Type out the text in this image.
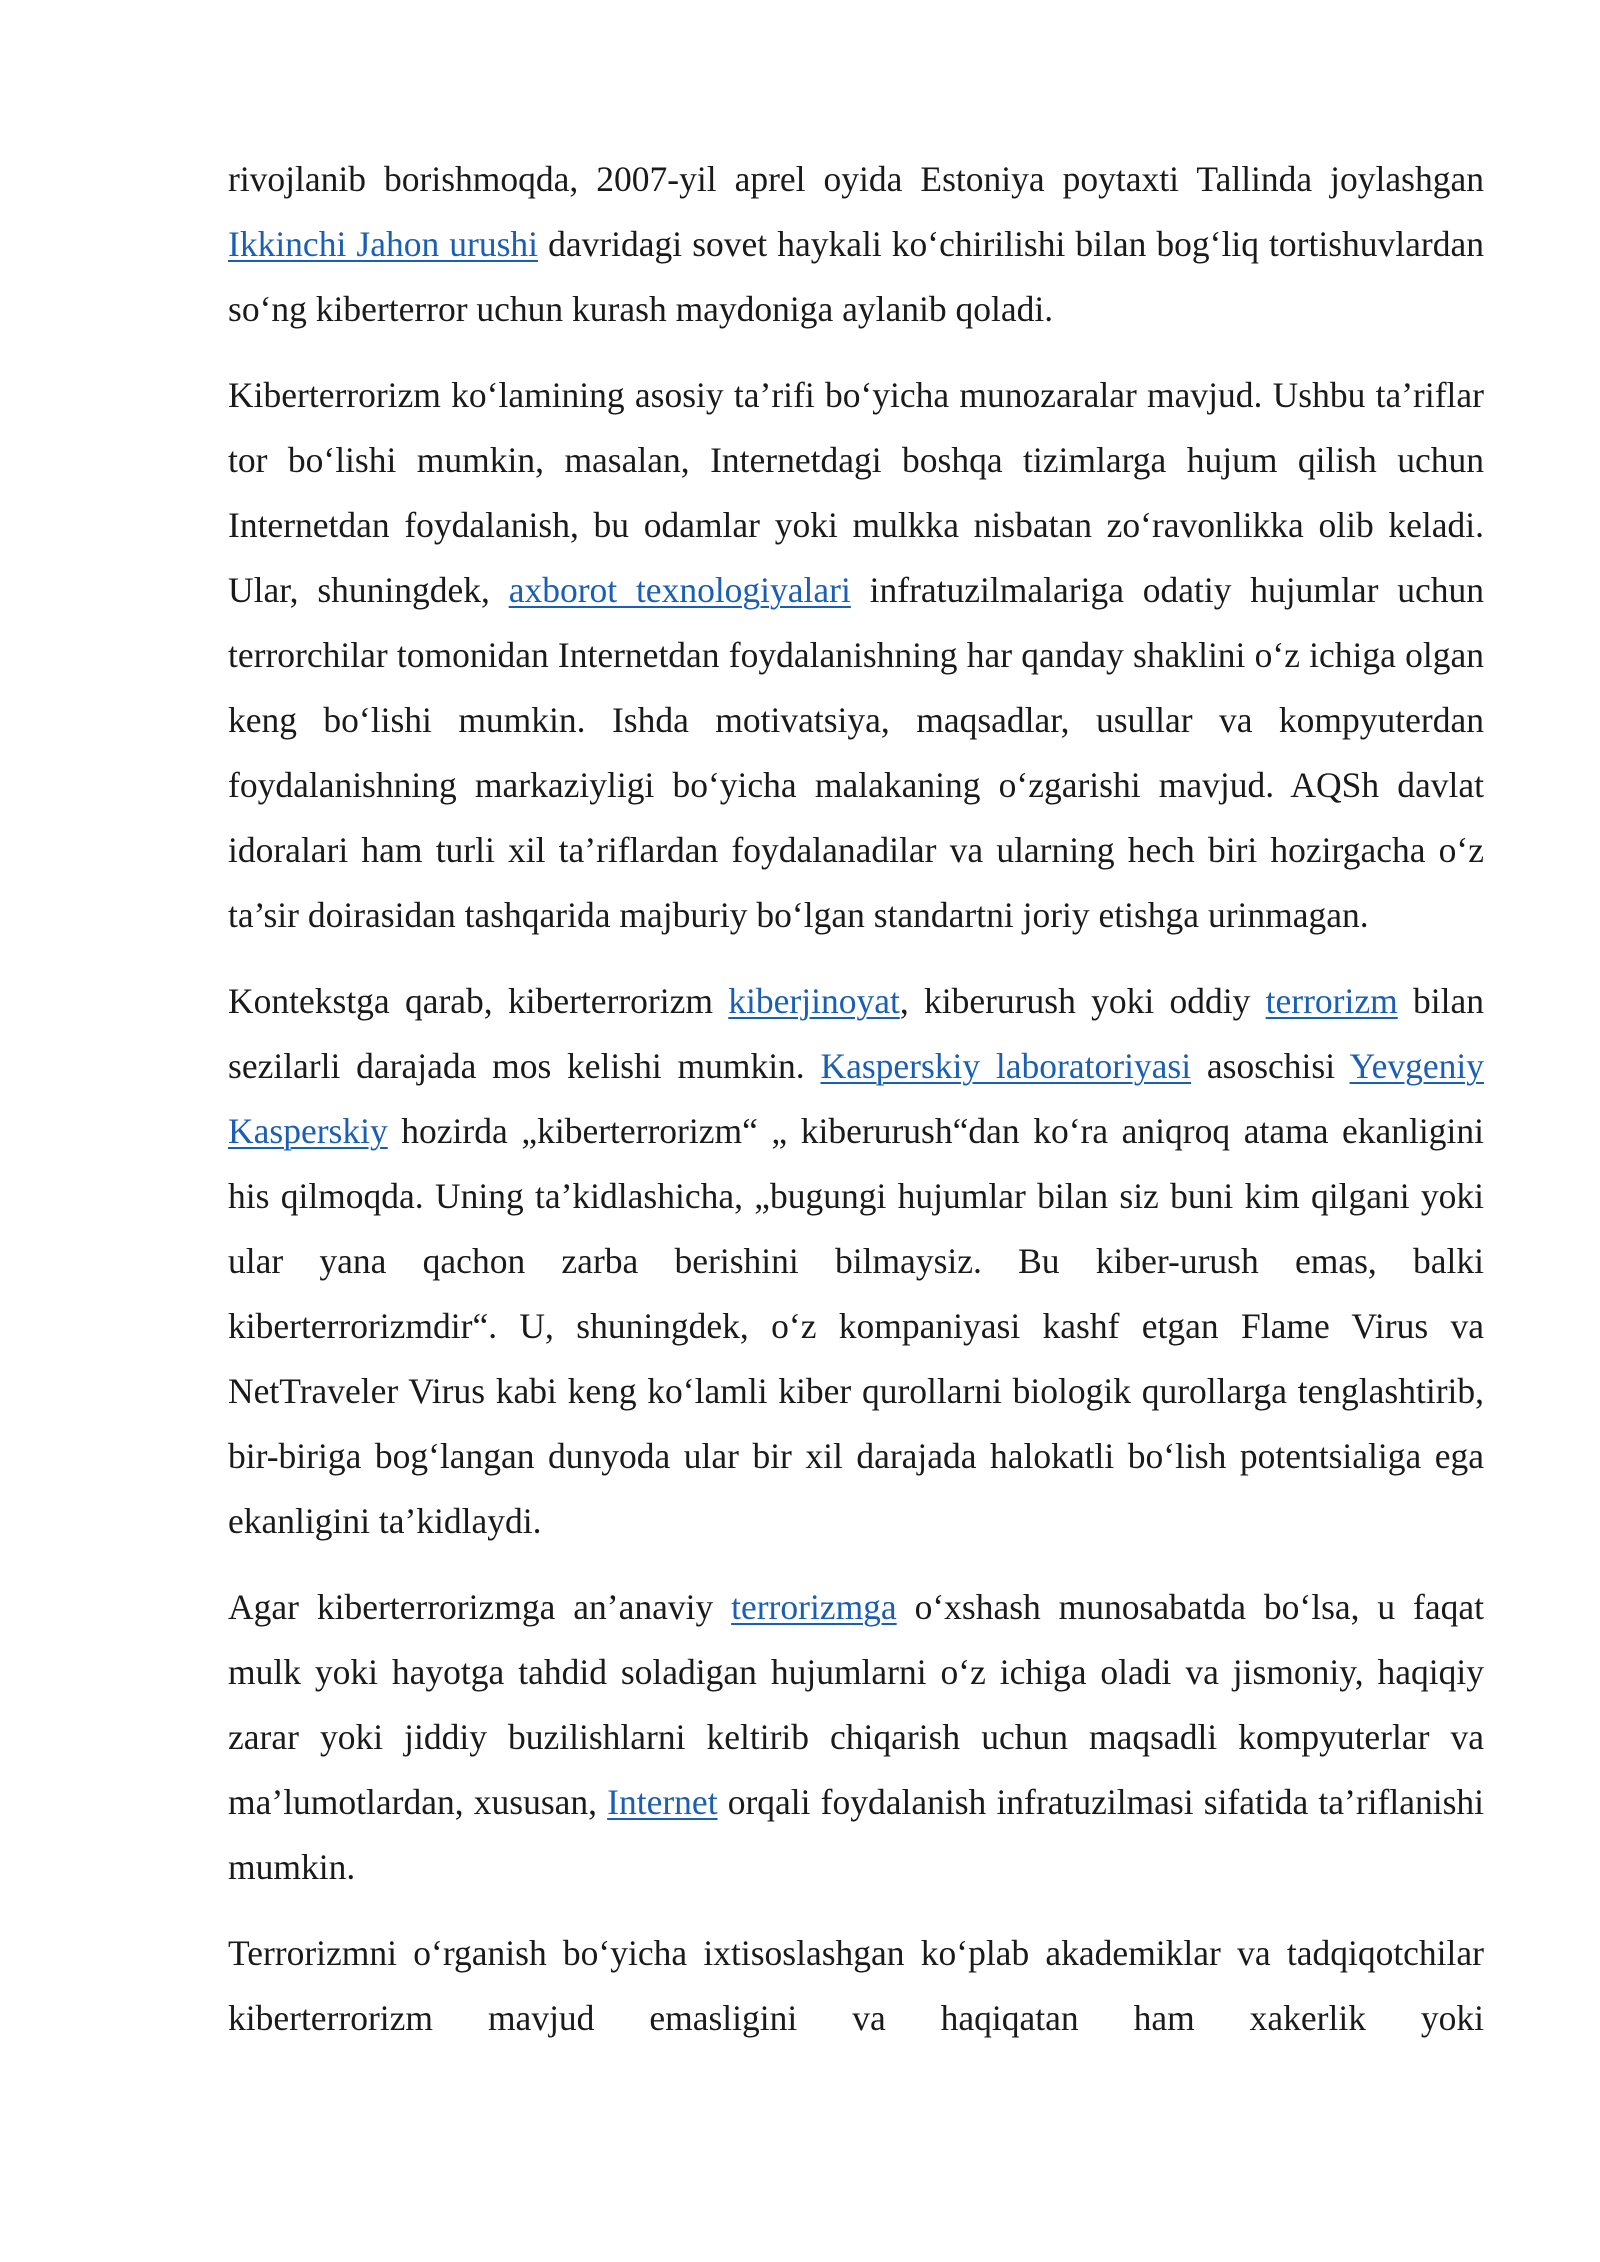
rivojlanib borishmoqda, 2007-yil aprel oyida Estoniya poytaxti Tallinda joylashgan Ikkinchi Jahon urushi davridagi sovet haykali koʻchirilishi bilan bogʻliq tortishuvlardan soʻng kiberterror uchun kurash maydoniga aylanib qoladi.

Kiberterrorizm koʻlamining asosiy ta’rifi boʻyicha munozaralar mavjud. Ushbu ta’riflar tor boʻlishi mumkin, masalan, Internetdagi boshqa tizimlarga hujum qilish uchun Internetdan foydalanish, bu odamlar yoki mulkka nisbatan zoʻravonlikka olib keladi. Ular, shuningdek, axborot texnologiyalari infratuzilmalariga odatiy hujumlar uchun terrorchilar tomonidan Internetdan foydalanishning har qanday shaklini oʻz ichiga olgan keng boʻlishi mumkin. Ishda motivatsiya, maqsadlar, usullar va kompyuterdan foydalanishning markaziyligi boʻyicha malakaning oʻzgarishi mavjud. AQSh davlat idoralari ham turli xil ta’riflardan foydalanadilar va ularning hech biri hozirgacha oʻz ta’sir doirasidan tashqarida majburiy boʻlgan standartni joriy etishga urinmagan.

Kontekstga qarab, kiberterrorizm kiberjinoyat, kiberurush yoki oddiy terrorizm bilan sezilarli darajada mos kelishi mumkin. Kasperskiy laboratoriyasi asoschisi Yevgeniy Kasperskiy hozirda „kiberterrorizm“ „ kiberurush“dan koʻra aniqroq atama ekanligini his qilmoqda. Uning ta’kidlashicha, „bugungi hujumlar bilan siz buni kim qilgani yoki ular yana qachon zarba berishini bilmaysiz. Bu kiber-urush emas, balki kiberterrorizmdir“. U, shuningdek, oʻz kompaniyasi kashf etgan Flame Virus va NetTraveler Virus kabi keng koʻlamli kiber qurollarni biologik qurollarga tenglashtirib, bir-biriga bogʻlangan dunyoda ular bir xil darajada halokatli boʻlish potentsialiga ega ekanligini ta’kidlaydi.

Agar kiberterrorizmga an’anaviy terrorizmga oʻxshash munosabatda boʻlsa, u faqat mulk yoki hayotga tahdid soladigan hujumlarni oʻz ichiga oladi va jismoniy, haqiqiy zarar yoki jiddiy buzilishlarni keltirib chiqarish uchun maqsadli kompyuterlar va ma’lumotlardan, xususan, Internet orqali foydalanish infratuzilmasi sifatida ta’riflanishi mumkin.

Terrorizmni oʻrganish boʻyicha ixtisoslashgan koʻplab akademiklar va tadqiqotchilar kiberterrorizm mavjud emasligini va haqiqatan ham xakerlik yoki
